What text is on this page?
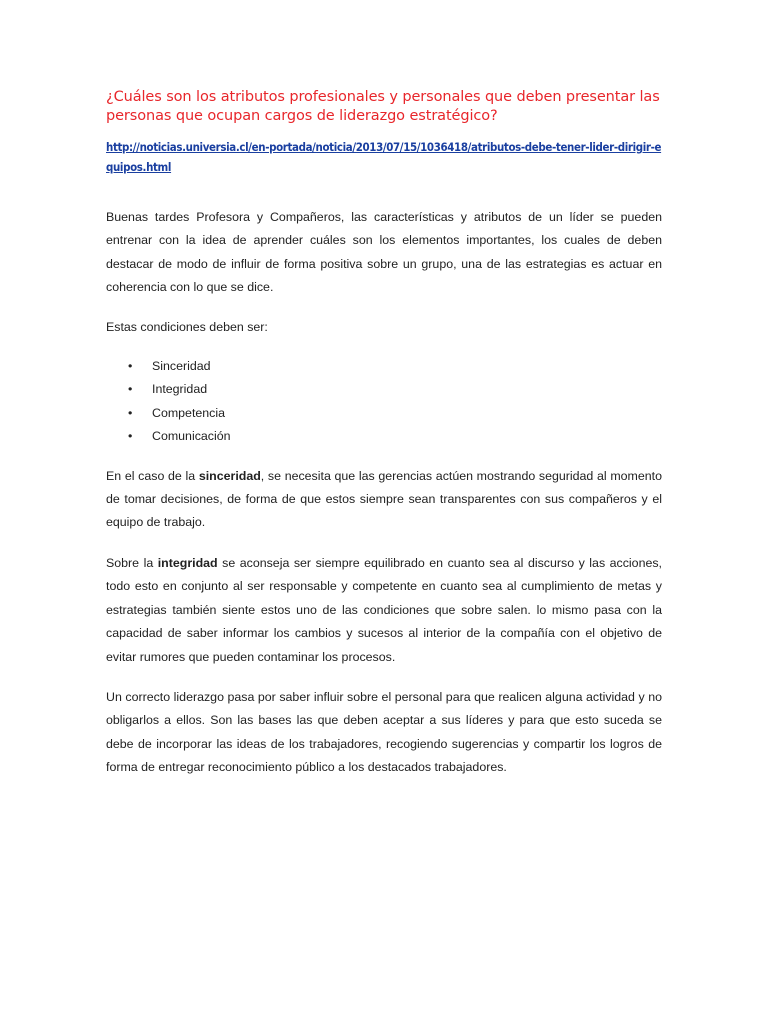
¿Cuáles son los atributos profesionales y personales que deben presentar las personas que ocupan cargos de liderazgo estratégico?
http://noticias.universia.cl/en-portada/noticia/2013/07/15/1036418/atributos-debe-tener-lider-dirigir-equipos.html

Buenas tardes Profesora y Compañeros, las características y atributos de un líder se pueden entrenar con la idea de aprender cuáles son los elementos importantes, los cuales de deben destacar de modo de influir de forma positiva sobre un grupo, una de las estrategias es actuar en coherencia con lo que se dice.

Estas condiciones deben ser:

• Sinceridad
• Integridad
• Competencia
• Comunicación

En el caso de la sinceridad, se necesita que las gerencias actúen mostrando seguridad al momento de tomar decisiones, de forma de que estos siempre sean transparentes con sus compañeros y el equipo de trabajo.

Sobre la integridad se aconseja ser siempre equilibrado en cuanto sea al discurso y las acciones, todo esto en conjunto al ser responsable y competente en cuanto sea al cumplimiento de metas y estrategias también siente estos uno de las condiciones que sobre salen. lo mismo pasa con la capacidad de saber informar los cambios y sucesos al interior de la compañía con el objetivo de evitar rumores que pueden contaminar los procesos.

Un correcto liderazgo pasa por saber influir sobre el personal para que realicen alguna actividad y no obligarlos a ellos. Son las bases las que deben aceptar a sus líderes y para que esto suceda se debe de incorporar las ideas de los trabajadores, recogiendo sugerencias y compartir los logros de forma de entregar reconocimiento público a los destacados trabajadores.
